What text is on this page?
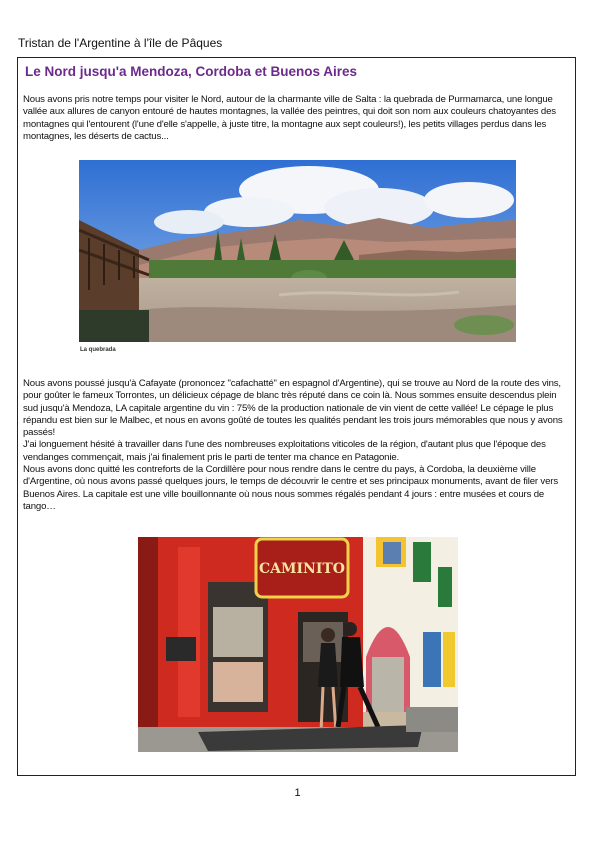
Tristan de l'Argentine à l'île de Pâques
Le Nord jusqu'a Mendoza, Cordoba et Buenos Aires

Nous avons pris notre temps pour visiter le Nord, autour de la charmante ville de Salta : la quebrada de Purmamarca, une longue vallée aux allures de canyon entouré de hautes montagnes, la vallée des peintres, qui doit son nom aux couleurs chatoyantes des montagnes qui l'entourent (l'une d'elle s'appelle, à juste titre, la montagne aux sept couleurs!), les petits villages perdus dans les montagnes, les déserts de cactus...

La quebrada
Nous avons poussé jusqu'à Cafayate (prononcez "cafachatté" en espagnol d'Argentine), qui se trouve au Nord de la route des vins, pour goûter le fameux Torrontes, un délicieux cépage de blanc très réputé dans ce coin là. Nous sommes ensuite descendus plein sud jusqu'à Mendoza, LA capitale argentine du vin : 75% de la production nationale de vin vient de cette vallée! Le cépage le plus répandu est bien sur le Malbec, et nous en avons goûté de toutes les qualités pendant les trois jours mémorables que nous y avons passés!
J'ai longuement hésité à travailler dans l'une des nombreuses exploitations viticoles de la région, d'autant plus que l'époque des vendanges commençait, mais j'ai finalement pris le parti de tenter ma chance en Patagonie.
Nous avons donc quitté les contreforts de la Cordillère pour nous rendre dans le centre du pays, à Cordoba, la deuxième ville d'Argentine, où nous avons passé quelques jours, le temps de découvrir le centre et ses principaux monuments, avant de filer vers Buenos Aires. La capitale est une ville bouillonnante où nous nous sommes régalés pendant 4 jours : entre musées et cours de tango…
CAMINITO
1
